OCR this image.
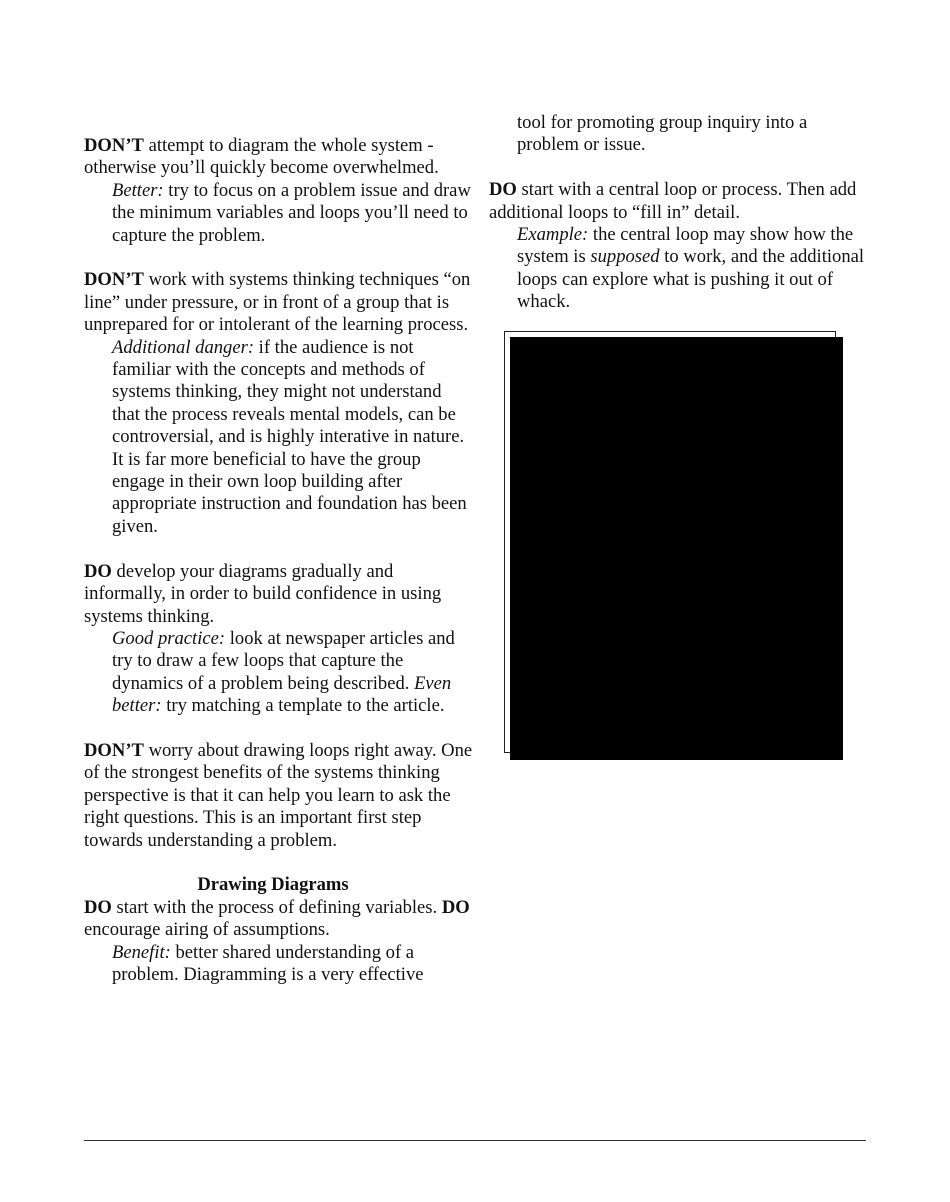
DON’T attempt to diagram the whole system - otherwise you’ll quickly become overwhelmed.

Better: try to focus on a problem issue and draw the minimum variables and loops you’ll need to capture the problem.

DON’T work with systems thinking techniques “on line” under pressure, or in front of a group that is unprepared for or intolerant of the learning process.

Additional danger: if the audience is not familiar with the concepts and methods of systems thinking, they might not understand that the process reveals mental models, can be controversial, and is highly interative in nature. It is far more beneficial to have the group engage in their own loop building after appropriate instruction and foundation has been given.

DO develop your diagrams gradually and informally, in order to build confidence in using systems thinking.

Good practice: look at newspaper articles and try to draw a few loops that capture the dynamics of a problem being described. Even better: try matching a template to the article.

DON’T worry about drawing loops right away. One of the strongest benefits of the systems thinking perspective is that it can help you learn to ask the right questions. This is an important first step towards understanding a problem.

Drawing Diagrams

DO start with the process of defining variables. DO encourage airing of assumptions.

Benefit: better shared understanding of a problem. Diagramming is a very effective

tool for promoting group inquiry into a problem or issue.

DO start with a central loop or process. Then add additional loops to “fill in” detail.

Example: the central loop may show how the system is supposed to work, and the additional loops can explore what is pushing it out of whack.
